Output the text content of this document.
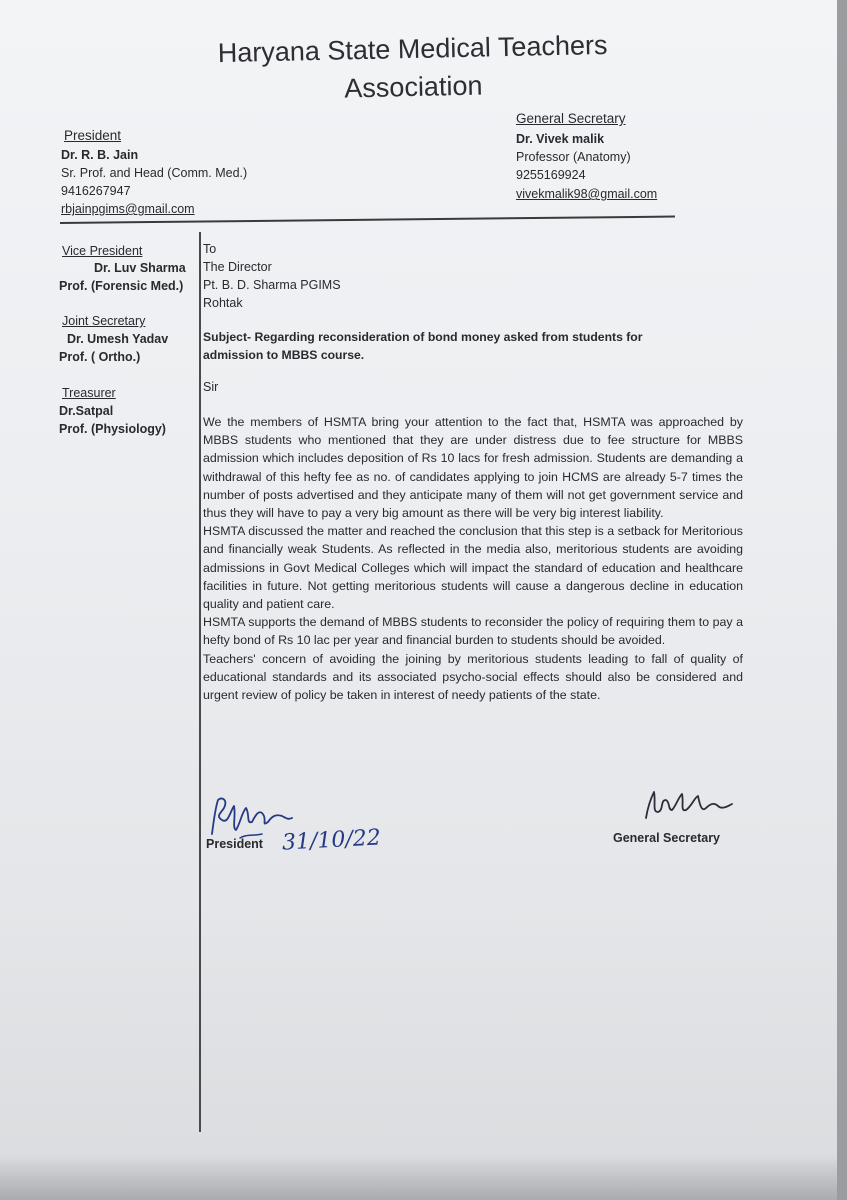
Haryana State Medical Teachers
Association
President
Dr. R. B. Jain
Sr. Prof. and Head (Comm. Med.)
9416267947
rbjainpgims@gmail.com
General Secretary
Dr. Vivek malik
Professor (Anatomy)
9255169924
vivekmalik98@gmail.com
Vice President
Dr. Luv Sharma
Prof. (Forensic Med.)
Joint Secretary
Dr. Umesh Yadav
Prof. ( Ortho.)
Treasurer
Dr.Satpal
Prof. (Physiology)
To
The Director
Pt. B. D. Sharma PGIMS
Rohtak
Subject- Regarding reconsideration of bond money asked from students for
admission to MBBS course.
Sir

We the members of HSMTA bring your attention to the fact that, HSMTA was approached by MBBS students who mentioned that they are under distress due to fee structure for MBBS admission which includes deposition of Rs 10 lacs for fresh admission. Students are demanding a withdrawal of this hefty fee as no. of candidates applying to join HCMS are already 5-7 times the number of posts advertised and they anticipate many of them will not get government service and thus they will have to pay a very big amount as there will be very big interest liability.

HSMTA discussed the matter and reached the conclusion that this step is a setback for Meritorious and financially weak Students. As reflected in the media also, meritorious students are avoiding admissions in Govt Medical Colleges which will impact the standard of education and healthcare facilities in future. Not getting meritorious students will cause a dangerous decline in education quality and patient care.

HSMTA supports the demand of MBBS students to reconsider the policy of requiring them to pay a hefty bond of Rs 10 lac per year and financial burden to students should be avoided.

Teachers' concern of avoiding the joining by meritorious students leading to fall of quality of educational standards and its associated psycho-social effects should also be considered and urgent review of policy be taken in interest of needy patients of the state.

President 31/10/22	General Secretary
